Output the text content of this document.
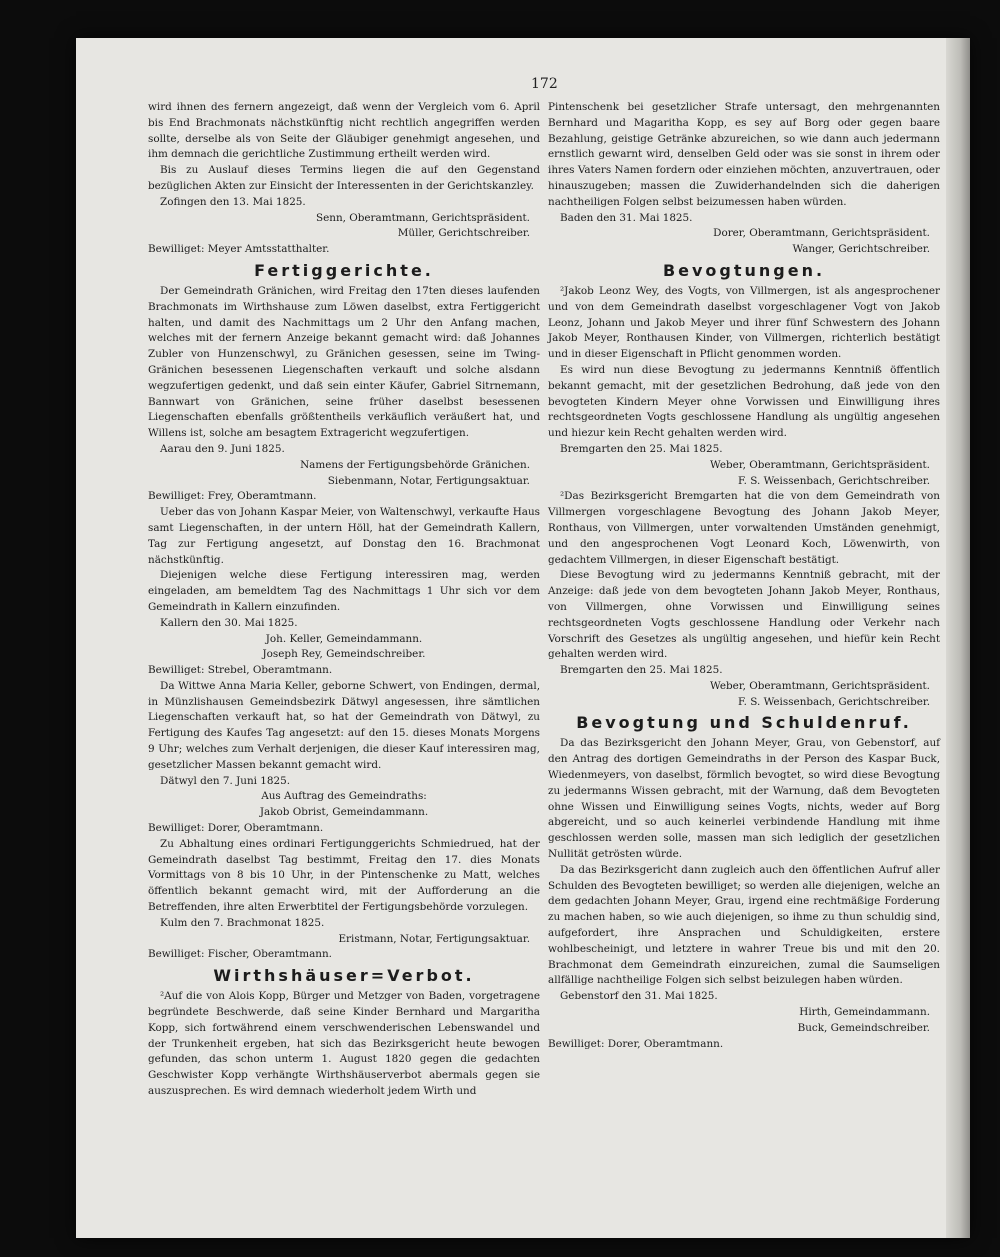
172

wird ihnen des fernern angezeigt, daß wenn der Vergleich vom 6. April bis End Brachmonats nächstkünftig nicht rechtlich angegriffen werden sollte, derselbe als von Seite der Gläubiger genehmigt angesehen, und ihm demnach die gerichtliche Zustimmung ertheilt werden wird.

Bis zu Auslauf dieses Termins liegen die auf den Gegenstand bezüglichen Akten zur Einsicht der Interessenten in der Gerichtskanzley.

Zofingen den 13. Mai 1825.
Senn, Oberamtmann, Gerichtspräsident.
Müller, Gerichtschreiber.
Bewilliget: Meyer Amtsstatthalter.
Fertiggerichte.

Der Gemeindrath Gränichen, wird Freitag den 17ten dieses laufenden Brachmonats im Wirthshause zum Löwen daselbst, extra Fertiggericht halten, und damit des Nachmittags um 2 Uhr den Anfang machen, welches mit der fernern Anzeige bekannt gemacht wird: daß Johannes Zubler von Hunzenschwyl, zu Gränichen gesessen, seine im Twing-Gränichen besessenen Liegenschaften verkauft und solche alsdann wegzufertigen gedenkt, und daß sein einter Käufer, Gabriel Sitrnemann, Bannwart von Gränichen, seine früher daselbst besessenen Liegenschaften ebenfalls größtentheils verkäuflich veräußert hat, und Willens ist, solche am besagtem Extragericht wegzufertigen.

Aarau den 9. Juni 1825.
Namens der Fertigungsbehörde Gränichen.
Siebenmann, Notar, Fertigungsaktuar.
Bewilliget: Frey, Oberamtmann.

Ueber das von Johann Kaspar Meier, von Waltenschwyl, verkaufte Haus samt Liegenschaften, in der untern Höll, hat der Gemeindrath Kallern, Tag zur Fertigung angesetzt, auf Donstag den 16. Brachmonat nächstkünftig.

Diejenigen welche diese Fertigung interessiren mag, werden eingeladen, am bemeldtem Tag des Nachmittags 1 Uhr sich vor dem Gemeindrath in Kallern einzufinden.

Kallern den 30. Mai 1825.
Joh. Keller, Gemeindammann.
Joseph Rey, Gemeindschreiber.
Bewilliget: Strebel, Oberamtmann.

Da Wittwe Anna Maria Keller, geborne Schwert, von Endingen, dermal, in Münzlishausen Gemeindsbezirk Dätwyl angesessen, ihre sämtlichen Liegenschaften verkauft hat, so hat der Gemeindrath von Dätwyl, zu Fertigung des Kaufes Tag angesetzt: auf den 15. dieses Monats Morgens 9 Uhr; welches zum Verhalt derjenigen, die dieser Kauf interessiren mag, gesetzlicher Massen bekannt gemacht wird.

Dätwyl den 7. Juni 1825.
Aus Auftrag des Gemeindraths:
Jakob Obrist, Gemeindammann.
Bewilliget: Dorer, Oberamtmann.

Zu Abhaltung eines ordinari Fertigunggerichts Schmiedrued, hat der Gemeindrath daselbst Tag bestimmt, Freitag den 17. dies Monats Vormittags von 8 bis 10 Uhr, in der Pintenschenke zu Matt, welches öffentlich bekannt gemacht wird, mit der Aufforderung an die Betreffenden, ihre alten Erwerbtitel der Fertigungsbehörde vorzulegen.

Kulm den 7. Brachmonat 1825.
Eristmann, Notar, Fertigungsaktuar.
Bewilliget: Fischer, Oberamtmann.
Wirthshäuser=Verbot.

²Auf die von Alois Kopp, Bürger und Metzger von Baden, vorgetragene begründete Beschwerde, daß seine Kinder Bernhard und Margaritha Kopp, sich fortwährend einem verschwenderischen Lebenswandel und der Trunkenheit ergeben, hat sich das Bezirksgericht heute bewogen gefunden, das schon unterm 1. August 1820 gegen die gedachten Geschwister Kopp verhängte Wirthshäuserverbot abermals gegen sie auszusprechen. Es wird demnach wiederholt jedem Wirth und

Pintenschenk bei gesetzlicher Strafe untersagt, den mehrgenannten Bernhard und Magaritha Kopp, es sey auf Borg oder gegen baare Bezahlung, geistige Getränke abzureichen, so wie dann auch jedermann ernstlich gewarnt wird, denselben Geld oder was sie sonst in ihrem oder ihres Vaters Namen fordern oder einziehen möchten, anzuvertrauen, oder hinauszugeben; massen die Zuwiderhandelnden sich die daherigen nachtheiligen Folgen selbst beizumessen haben würden.

Baden den 31. Mai 1825.
Dorer, Oberamtmann, Gerichtspräsident.
Wanger, Gerichtschreiber.
Bevogtungen.

²Jakob Leonz Wey, des Vogts, von Villmergen, ist als angesprochener und von dem Gemeindrath daselbst vorgeschlagener Vogt von Jakob Leonz, Johann und Jakob Meyer und ihrer fünf Schwestern des Johann Jakob Meyer, Ronthausen Kinder, von Villmergen, richterlich bestätigt und in dieser Eigenschaft in Pflicht genommen worden.

Es wird nun diese Bevogtung zu jedermanns Kenntniß öffentlich bekannt gemacht, mit der gesetzlichen Bedrohung, daß jede von den bevogteten Kindern Meyer ohne Vorwissen und Einwilligung ihres rechtsgeordneten Vogts geschlossene Handlung als ungültig angesehen und hiezur kein Recht gehalten werden wird.

Bremgarten den 25. Mai 1825.
Weber, Oberamtmann, Gerichtspräsident.
F. S. Weissenbach, Gerichtschreiber.

²Das Bezirksgericht Bremgarten hat die von dem Gemeindrath von Villmergen vorgeschlagene Bevogtung des Johann Jakob Meyer, Ronthaus, von Villmergen, unter vorwaltenden Umständen genehmigt, und den angesprochenen Vogt Leonard Koch, Löwenwirth, von gedachtem Villmergen, in dieser Eigenschaft bestätigt.

Diese Bevogtung wird zu jedermanns Kenntniß gebracht, mit der Anzeige: daß jede von dem bevogteten Johann Jakob Meyer, Ronthaus, von Villmergen, ohne Vorwissen und Einwilligung seines rechtsgeordneten Vogts geschlossene Handlung oder Verkehr nach Vorschrift des Gesetzes als ungültig angesehen, und hiefür kein Recht gehalten werden wird.

Bremgarten den 25. Mai 1825.
Weber, Oberamtmann, Gerichtspräsident.
F. S. Weissenbach, Gerichtschreiber.
Bevogtung und Schuldenruf.

Da das Bezirksgericht den Johann Meyer, Grau, von Gebenstorf, auf den Antrag des dortigen Gemeindraths in der Person des Kaspar Buck, Wiedenmeyers, von daselbst, förmlich bevogtet, so wird diese Bevogtung zu jedermanns Wissen gebracht, mit der Warnung, daß dem Bevogteten ohne Wissen und Einwilligung seines Vogts, nichts, weder auf Borg abgereicht, und so auch keinerlei verbindende Handlung mit ihme geschlossen werden solle, massen man sich lediglich der gesetzlichen Nullität getrösten würde.

Da das Bezirksgericht dann zugleich auch den öffentlichen Aufruf aller Schulden des Bevogteten bewilliget; so werden alle diejenigen, welche an dem gedachten Johann Meyer, Grau, irgend eine rechtmäßige Forderung zu machen haben, so wie auch diejenigen, so ihme zu thun schuldig sind, aufgefordert, ihre Ansprachen und Schuldigkeiten, erstere wohlbescheinigt, und letztere in wahrer Treue bis und mit den 20. Brachmonat dem Gemeindrath einzureichen, zumal die Saumseligen allfällige nachtheilige Folgen sich selbst beizulegen haben würden.

Gebenstorf den 31. Mai 1825.
Hirth, Gemeindammann.
Buck, Gemeindschreiber.
Bewilliget: Dorer, Oberamtmann.
